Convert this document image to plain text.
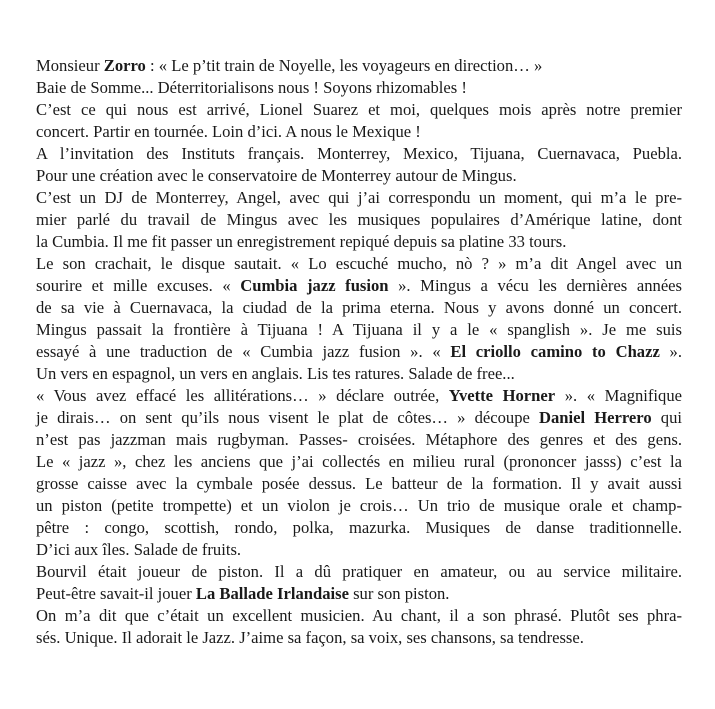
Monsieur Zorro : « Le p’tit train de Noyelle, les voyageurs en direction… »
Baie de Somme... Déterritorialisons nous ! Soyons rhizomables !
C’est ce qui nous est arrivé, Lionel Suarez et moi, quelques mois après notre premier
concert. Partir en tournée. Loin d’ici. A nous le Mexique !
A l’invitation des Instituts français. Monterrey, Mexico, Tijuana, Cuernavaca, Puebla.
Pour une création avec le conservatoire de Monterrey autour de Mingus.
C’est un DJ de Monterrey, Angel, avec qui j’ai correspondu un moment, qui m’a le pre-
mier parlé du travail de Mingus avec les musiques populaires d’Amérique latine, dont
la Cumbia. Il me fit passer un enregistrement repiqué depuis sa platine 33 tours.
Le son crachait, le disque sautait. « Lo escuché mucho, nò ? » m’a dit Angel avec un
sourire et mille excuses. « Cumbia jazz fusion ». Mingus a vécu les dernières années
de sa vie à Cuernavaca, la ciudad de la prima eterna. Nous y avons donné un concert.
Mingus passait la frontière à Tijuana ! A Tijuana il y a le « spanglish ». Je me suis
essayé à une traduction de « Cumbia jazz fusion ». « El criollo camino to Chazz ».
Un vers en espagnol, un vers en anglais. Lis tes ratures. Salade de free...
« Vous avez effacé les allitérations… » déclare outrée, Yvette Horner ». « Magnifique
je dirais… on sent qu’ils nous visent le plat de côtes… » découpe Daniel Herrero qui
n’est pas jazzman mais rugbyman. Passes- croisées. Métaphore des genres et des gens.
Le « jazz », chez les anciens que j’ai collectés en milieu rural (prononcer jasss) c’est la
grosse caisse avec la cymbale posée dessus. Le batteur de la formation. Il y avait aussi
un piston (petite trompette) et un violon je crois… Un trio de musique orale et champ-
pêtre : congo, scottish, rondo, polka, mazurka. Musiques de danse traditionnelle.
D’ici aux îles. Salade de fruits.
Bourvil était joueur de piston. Il a dû pratiquer en amateur, ou au service militaire.
Peut-être savait-il jouer La Ballade Irlandaise sur son piston.
On m’a dit que c’était un excellent musicien. Au chant, il a son phrasé. Plutôt ses phra-
sés. Unique. Il adorait le Jazz. J’aime sa façon, sa voix, ses chansons, sa tendresse.
